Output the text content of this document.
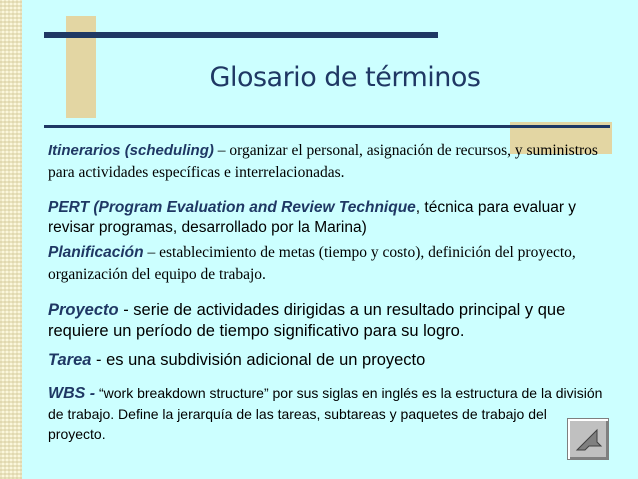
Glosario de términos
Itinerarios (scheduling) – organizar el personal, asignación de recursos, y suministros para actividades específicas e interrelacionadas.
PERT (Program Evaluation and Review Technique, técnica para evaluar y revisar programas, desarrollado por la Marina)
Planificación – establecimiento de metas (tiempo y costo), definición del proyecto, organización del equipo de trabajo.
Proyecto - serie de actividades dirigidas a un resultado principal y que requiere un período de tiempo significativo para su logro.
Tarea - es una subdivisión adicional de un proyecto
WBS - “work breakdown structure” por sus siglas en inglés es la estructura de la división de trabajo. Define la jerarquía de las tareas, subtareas y paquetes de trabajo del proyecto.
